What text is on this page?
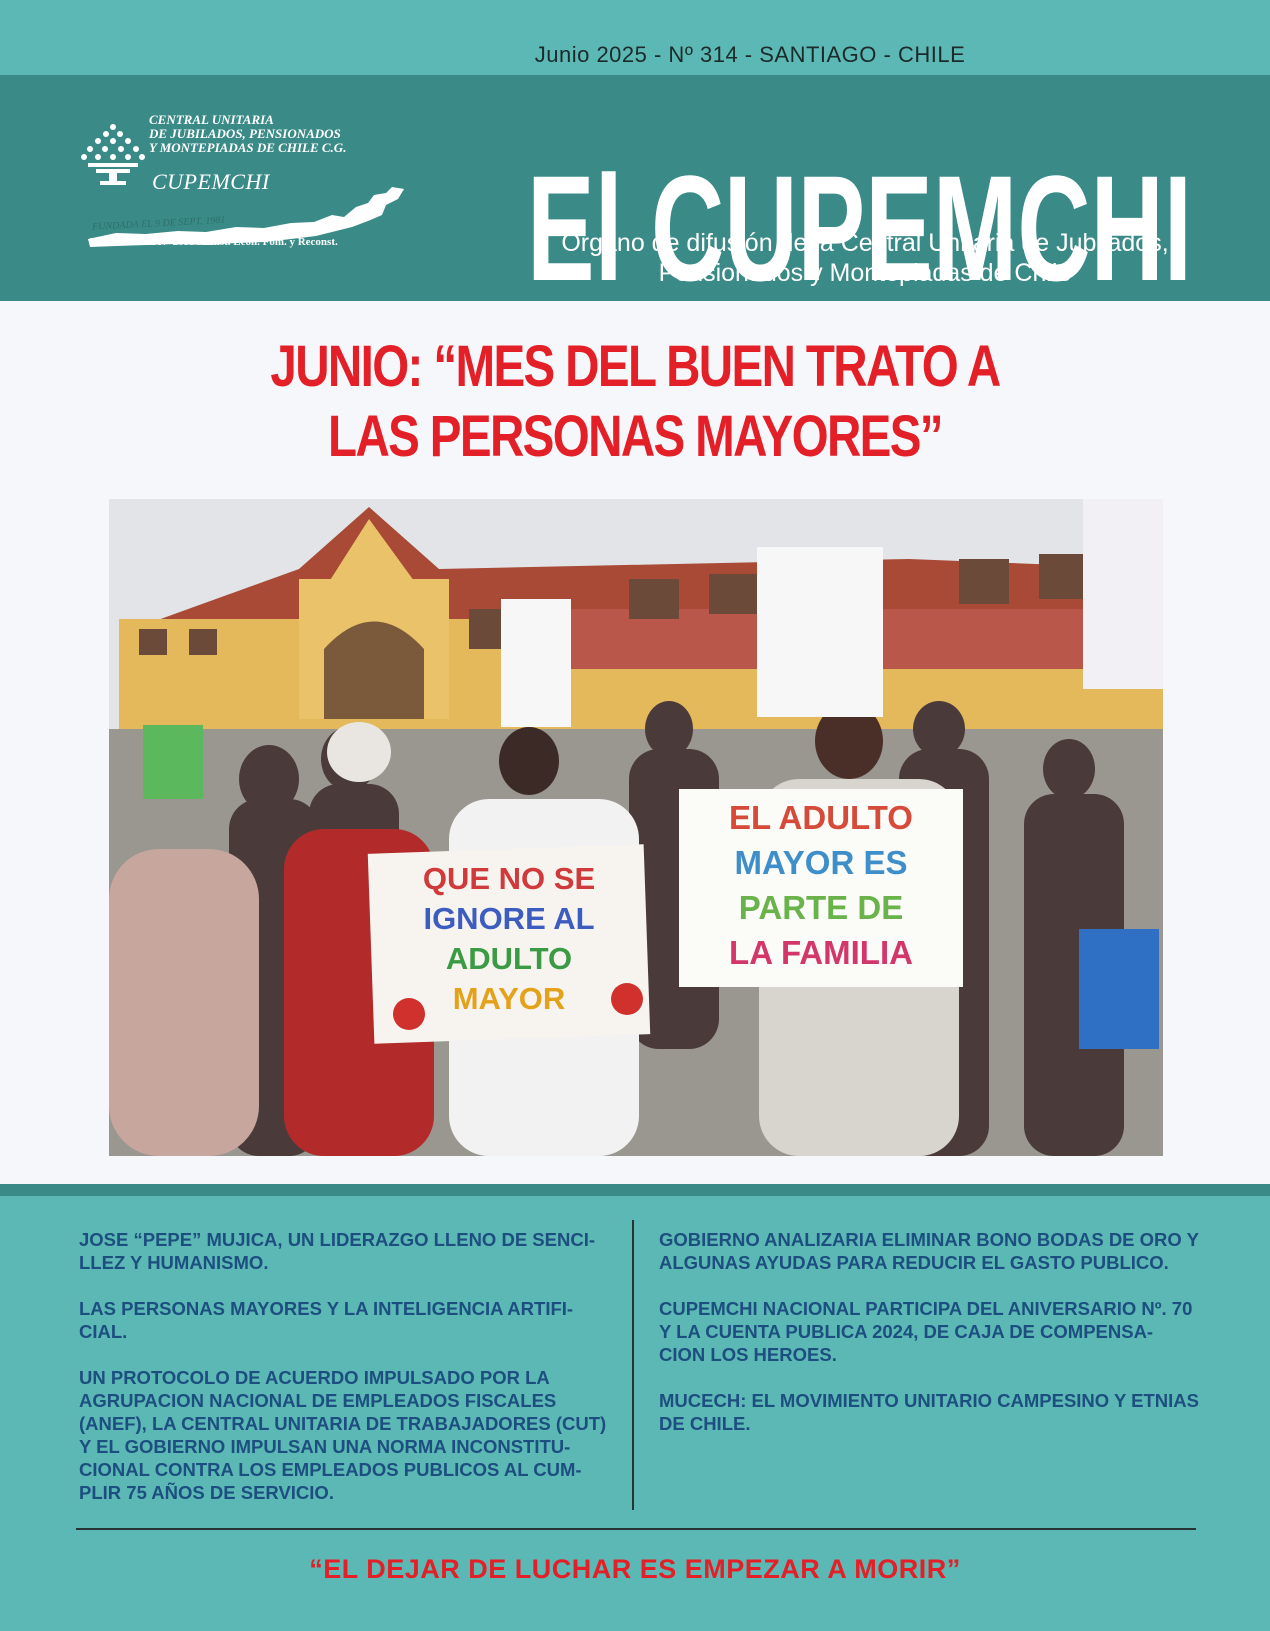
Junio 2025 - Nº 314 - SANTIAGO - CHILE
CENTRAL UNITARIA
DE JUBILADOS, PENSIONADOS
Y MONTEPIADAS DE CHILE C.G.
CUPEMCHI
FUNDADA EL 9 DE SEPT. 1981
Pers. Jurídica Nº 2583 Minist. Econ. Fom. y Reconst. El CUPEMCHI
Órgano de difusión de la Central Unitaria de Jubilados, Pensionados y Montepiadas de Chile
JUNIO: “MES DEL BUEN TRATO A
LAS PERSONAS MAYORES”
QUE NO SE
IGNORE AL
ADULTO
MAYOR
EL ADULTO
MAYOR ES
PARTE DE
LA FAMILIA

JOSE “PEPE” MUJICA, UN LIDERAZGO LLENO DE SENCI-LLEZ Y HUMANISMO.

LAS PERSONAS MAYORES Y LA INTELIGENCIA ARTIFI-CIAL.

UN PROTOCOLO DE ACUERDO IMPULSADO POR LA AGRUPACION NACIONAL DE EMPLEADOS FISCALES (ANEF), LA CENTRAL UNITARIA DE TRABAJADORES (CUT) Y EL GOBIERNO IMPULSAN UNA NORMA INCONSTITU-CIONAL CONTRA LOS EMPLEADOS PUBLICOS AL CUM-PLIR 75 AÑOS DE SERVICIO.

GOBIERNO ANALIZARIA ELIMINAR BONO BODAS DE ORO Y ALGUNAS AYUDAS PARA REDUCIR EL GASTO PUBLICO.

CUPEMCHI NACIONAL PARTICIPA DEL ANIVERSARIO Nº. 70 Y LA CUENTA PUBLICA 2024, DE CAJA DE COMPENSA-CION LOS HEROES.

MUCECH: EL MOVIMIENTO UNITARIO CAMPESINO Y ETNIAS DE CHILE.

“EL DEJAR DE LUCHAR ES EMPEZAR A MORIR”
